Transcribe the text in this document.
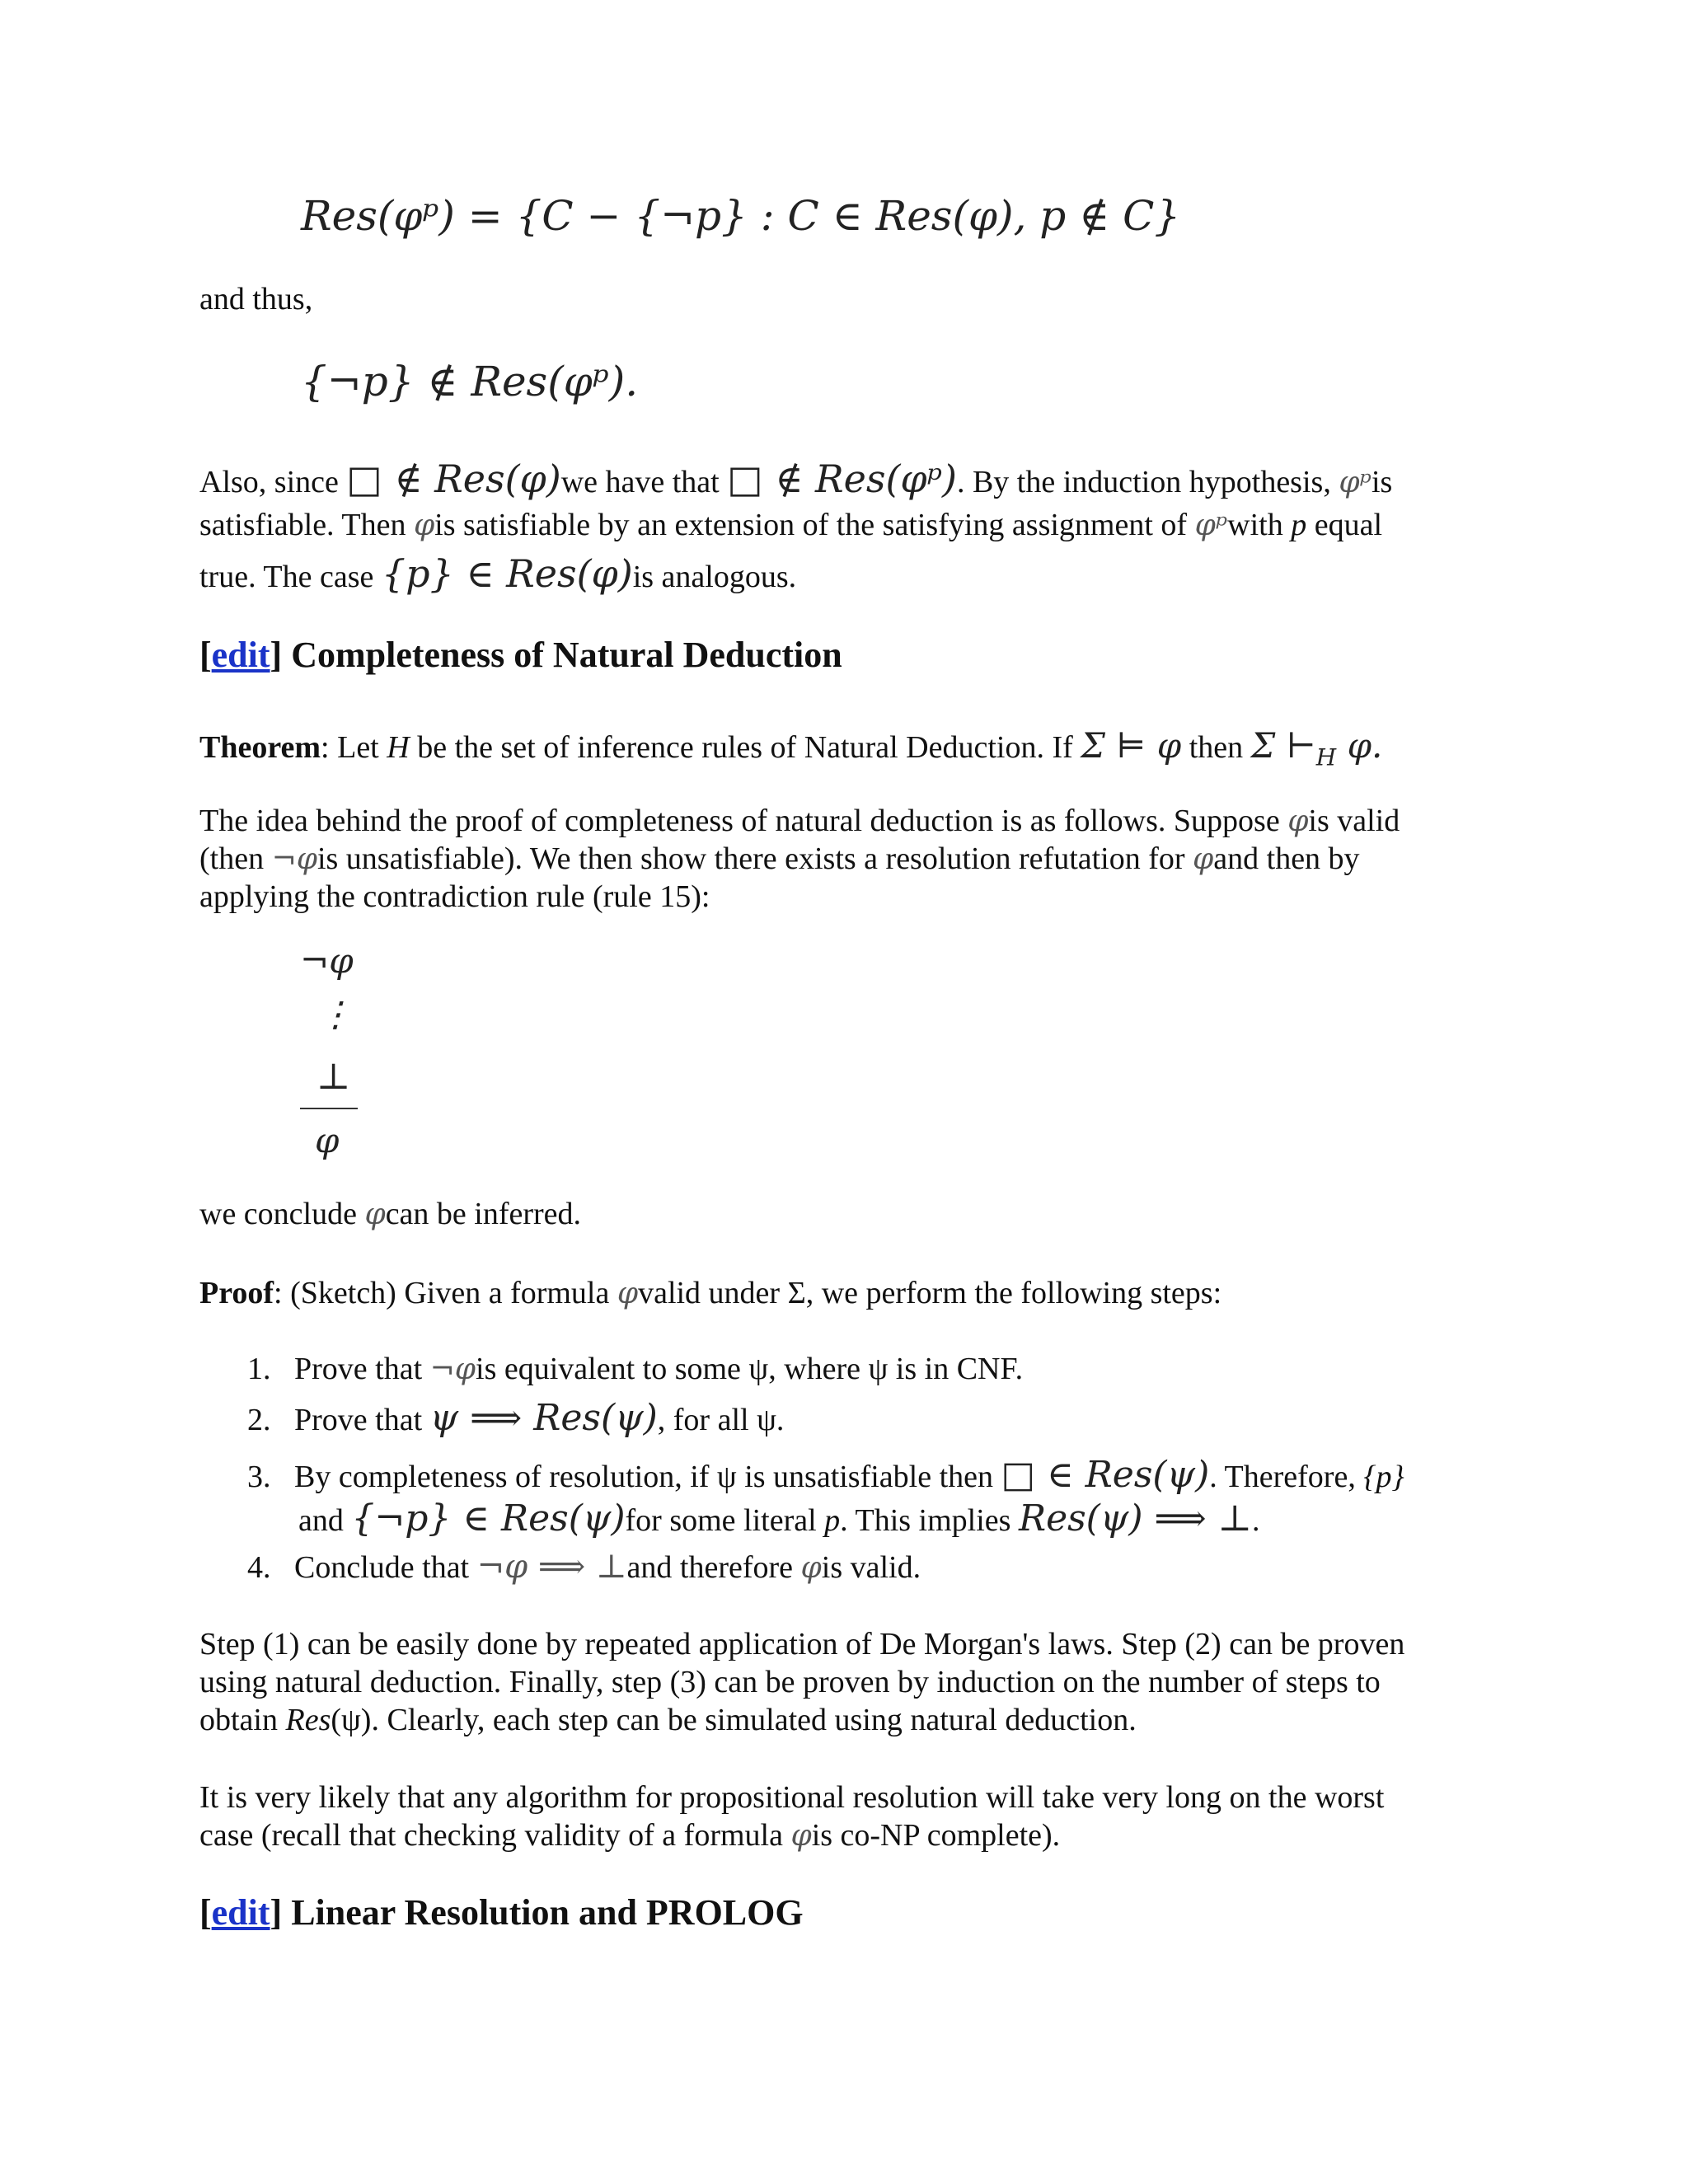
Res(φᵖ) = {C − {¬p} : C ∈ Res(φ), p ∉ C}
and thus,
{¬p} ∉ Res(φᵖ).
Also, since □ ∉ Res(φ)we have that □ ∉ Res(φᵖ). By the induction hypothesis, φᵖis
satisfiable. Then φis satisfiable by an extension of the satisfying assignment of φᵖwith p equal
true. The case {p} ∈ Res(φ)is analogous.
[edit] Completeness of Natural Deduction
Theorem: Let H be the set of inference rules of Natural Deduction. If Σ ⊨ φ then Σ $⊢_H$ φ.
The idea behind the proof of completeness of natural deduction is as follows. Suppose φis valid
(then ¬φis unsatisfiable). We then show there exists a resolution refutation for φand then by
applying the contradiction rule (rule 15):
¬φ
⋮
⊥
φ
we conclude φcan be inferred.
Proof: (Sketch) Given a formula φvalid under Σ, we perform the following steps:
1. Prove that ¬φis equivalent to some ψ, where ψ is in CNF.
2. Prove that ψ ⟹ Res(ψ), for all ψ.
3. By completeness of resolution, if ψ is unsatisfiable then □ ∈ Res(ψ). Therefore, {p}
and {¬p} ∈ Res(ψ)for some literal p. This implies Res(ψ) ⟹ ⊥.
4. Conclude that ¬φ ⟹ ⊥and therefore φis valid.
Step (1) can be easily done by repeated application of De Morgan's laws. Step (2) can be proven
using natural deduction. Finally, step (3) can be proven by induction on the number of steps to
obtain Res(ψ). Clearly, each step can be simulated using natural deduction.
It is very likely that any algorithm for propositional resolution will take very long on the worst
case (recall that checking validity of a formula φis co-NP complete).
[edit] Linear Resolution and PROLOG
